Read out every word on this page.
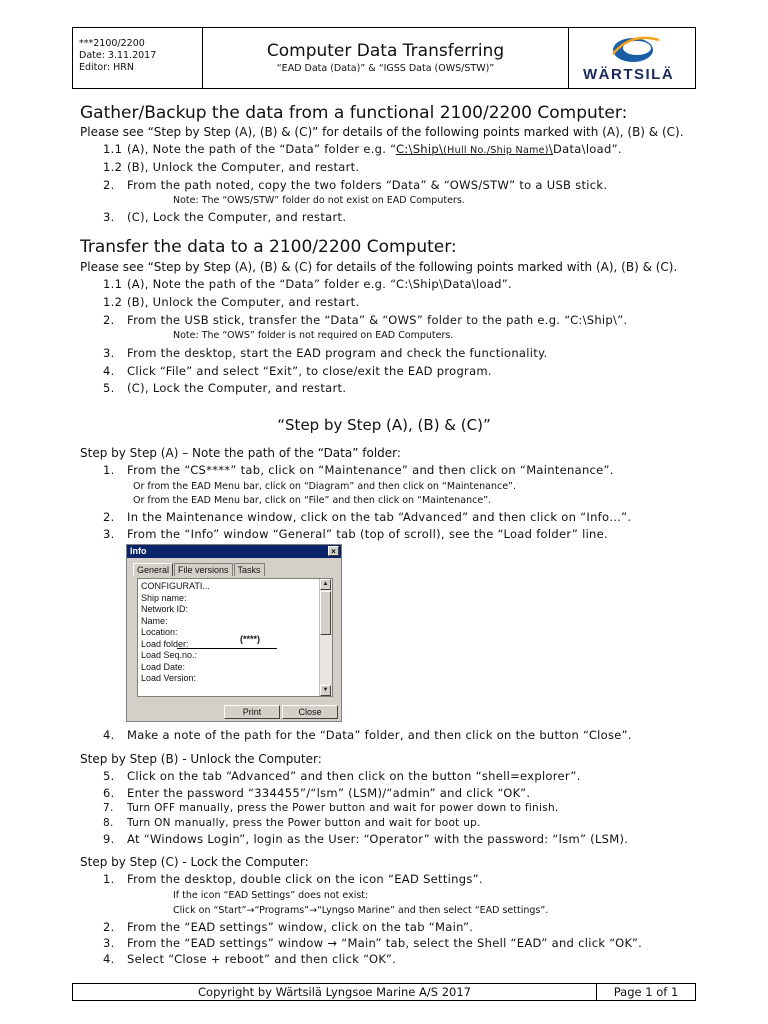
***2100/2200
Date: 3.11.2017
Editor: HRN
Computer Data Transferring
“EAD Data (Data)” & “IGSS Data (OWS/STW)”	WÄRTSILÄ
Gather/Backup the data from a functional 2100/2200 Computer:
Please see “Step by Step (A), (B) & (C)” for details of the following points marked with (A), (B) & (C).
1.1 (A), Note the path of the “Data” folder e.g. “C:\Ship\(Hull No./Ship Name)\Data\load”.
1.2 (B), Unlock the Computer, and restart.
2. From the path noted, copy the two folders “Data” & “OWS/STW” to a USB stick.
Note: The “OWS/STW” folder do not exist on EAD Computers.
3. (C), Lock the Computer, and restart.
Transfer the data to a 2100/2200 Computer:
Please see “Step by Step (A), (B) & (C) for details of the following points marked with (A), (B) & (C).
1.1 (A), Note the path of the “Data” folder e.g. “C:\Ship\Data\load”.
1.2 (B), Unlock the Computer, and restart.
2. From the USB stick, transfer the “Data” & “OWS” folder to the path e.g. “C:\Ship\”.
Note: The “OWS” folder is not required on EAD Computers.
3. From the desktop, start the EAD program and check the functionality.
4. Click “File” and select “Exit”, to close/exit the EAD program.
5. (C), Lock the Computer, and restart.
“Step by Step (A), (B) & (C)”
Step by Step (A) – Note the path of the “Data” folder:
1. From the “CS****” tab, click on “Maintenance” and then click on “Maintenance”.
Or from the EAD Menu bar, click on “Diagram” and then click on “Maintenance”.
Or from the EAD Menu bar, click on “File” and then click on “Maintenance”.
2. In the Maintenance window, click on the tab “Advanced” and then click on “Info…”.
3. From the “Info” window “General” tab (top of scroll), see the “Load folder” line.
Info	×
General File versions Tasks
CONFIGURATI...
Ship name:
Network ID:
Name:
Location:
Load folder:
Load Seq.no.:
Load Date:
Load Version:
▲
▼
(****)
Print	Close
4. Make a note of the path for the “Data” folder, and then click on the button “Close”.
Step by Step (B) - Unlock the Computer:
5. Click on the tab “Advanced” and then click on the button “shell=explorer”.
6. Enter the password “334455”/“lsm” (LSM)/“admin” and click “OK”.
7. Turn OFF manually, press the Power button and wait for power down to finish.
8. Turn ON manually, press the Power button and wait for boot up.
9. At “Windows Login”, login as the User: “Operator” with the password: “lsm” (LSM).
Step by Step (C) - Lock the Computer:
1. From the desktop, double click on the icon “EAD Settings”.
If the icon “EAD Settings” does not exist:
Click on “Start”→“Programs”→“Lyngso Marine” and then select “EAD settings”.
2. From the “EAD settings” window, click on the tab “Main”.
3. From the “EAD settings” window → “Main” tab, select the Shell “EAD” and click “OK”.
4. Select “Close + reboot” and then click “OK”.
Copyright by Wärtsilä Lyngsoe Marine A/S 2017	Page 1 of 1
